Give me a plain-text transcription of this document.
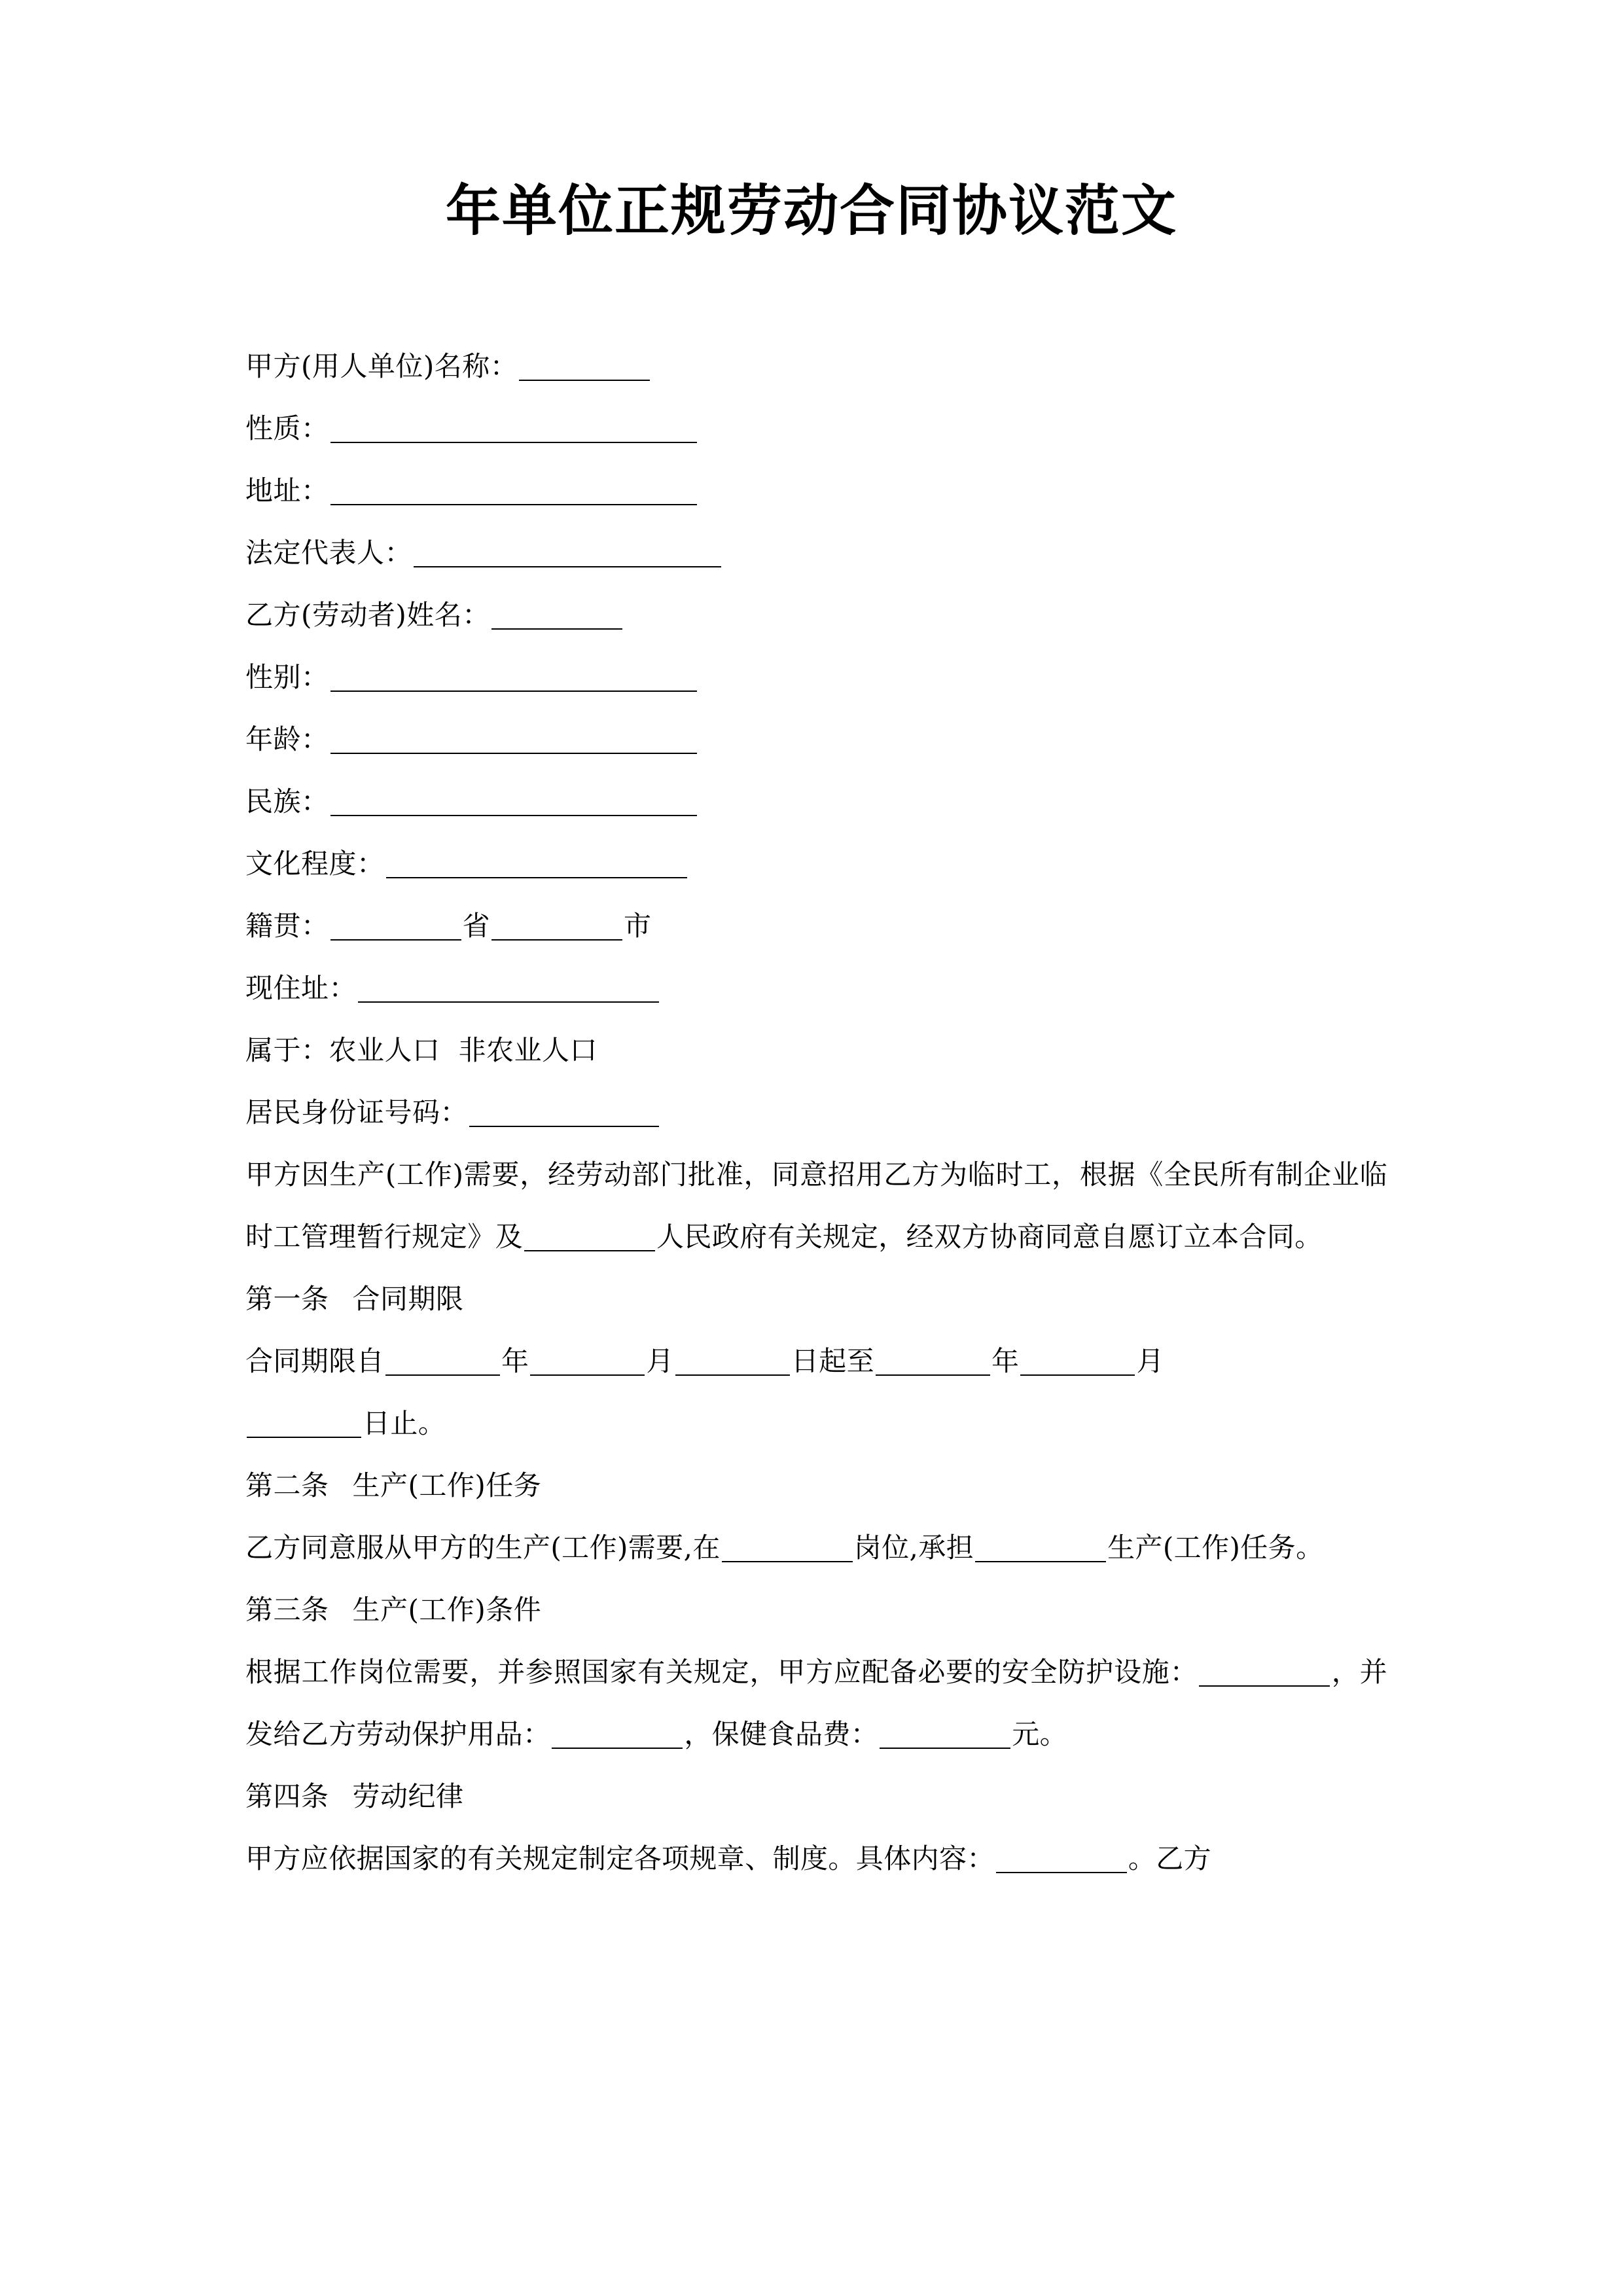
年单位正规劳动合同协议范文
甲方(用人单位)名称：
性质：
地址：
法定代表人：
乙方(劳动者)姓名：
性别：
年龄：
民族：
文化程度：
籍贯：	省	市
现住址：
属于：农业人口 非农业人口
居民身份证号码：
甲方因生产(工作)需要，经劳动部门批准，同意招用乙方为临时工，根据《全民所有制企业临时工管理暂行规定》及	人民政府有关规定，经双方协商同意自愿订立本合同。
第一条 合同期限
合同期限自	年	月	日起至	年	月
日止。
第二条 生产(工作)任务
乙方同意服从甲方的生产(工作)需要,在	岗位,承担	生产(工作)任务。
第三条 生产(工作)条件
根据工作岗位需要，并参照国家有关规定，甲方应配备必要的安全防护设施：	，并发给乙方劳动保护用品：	，保健食品费：	元。
第四条 劳动纪律
甲方应依据国家的有关规定制定各项规章、制度。具体内容：	。乙方
